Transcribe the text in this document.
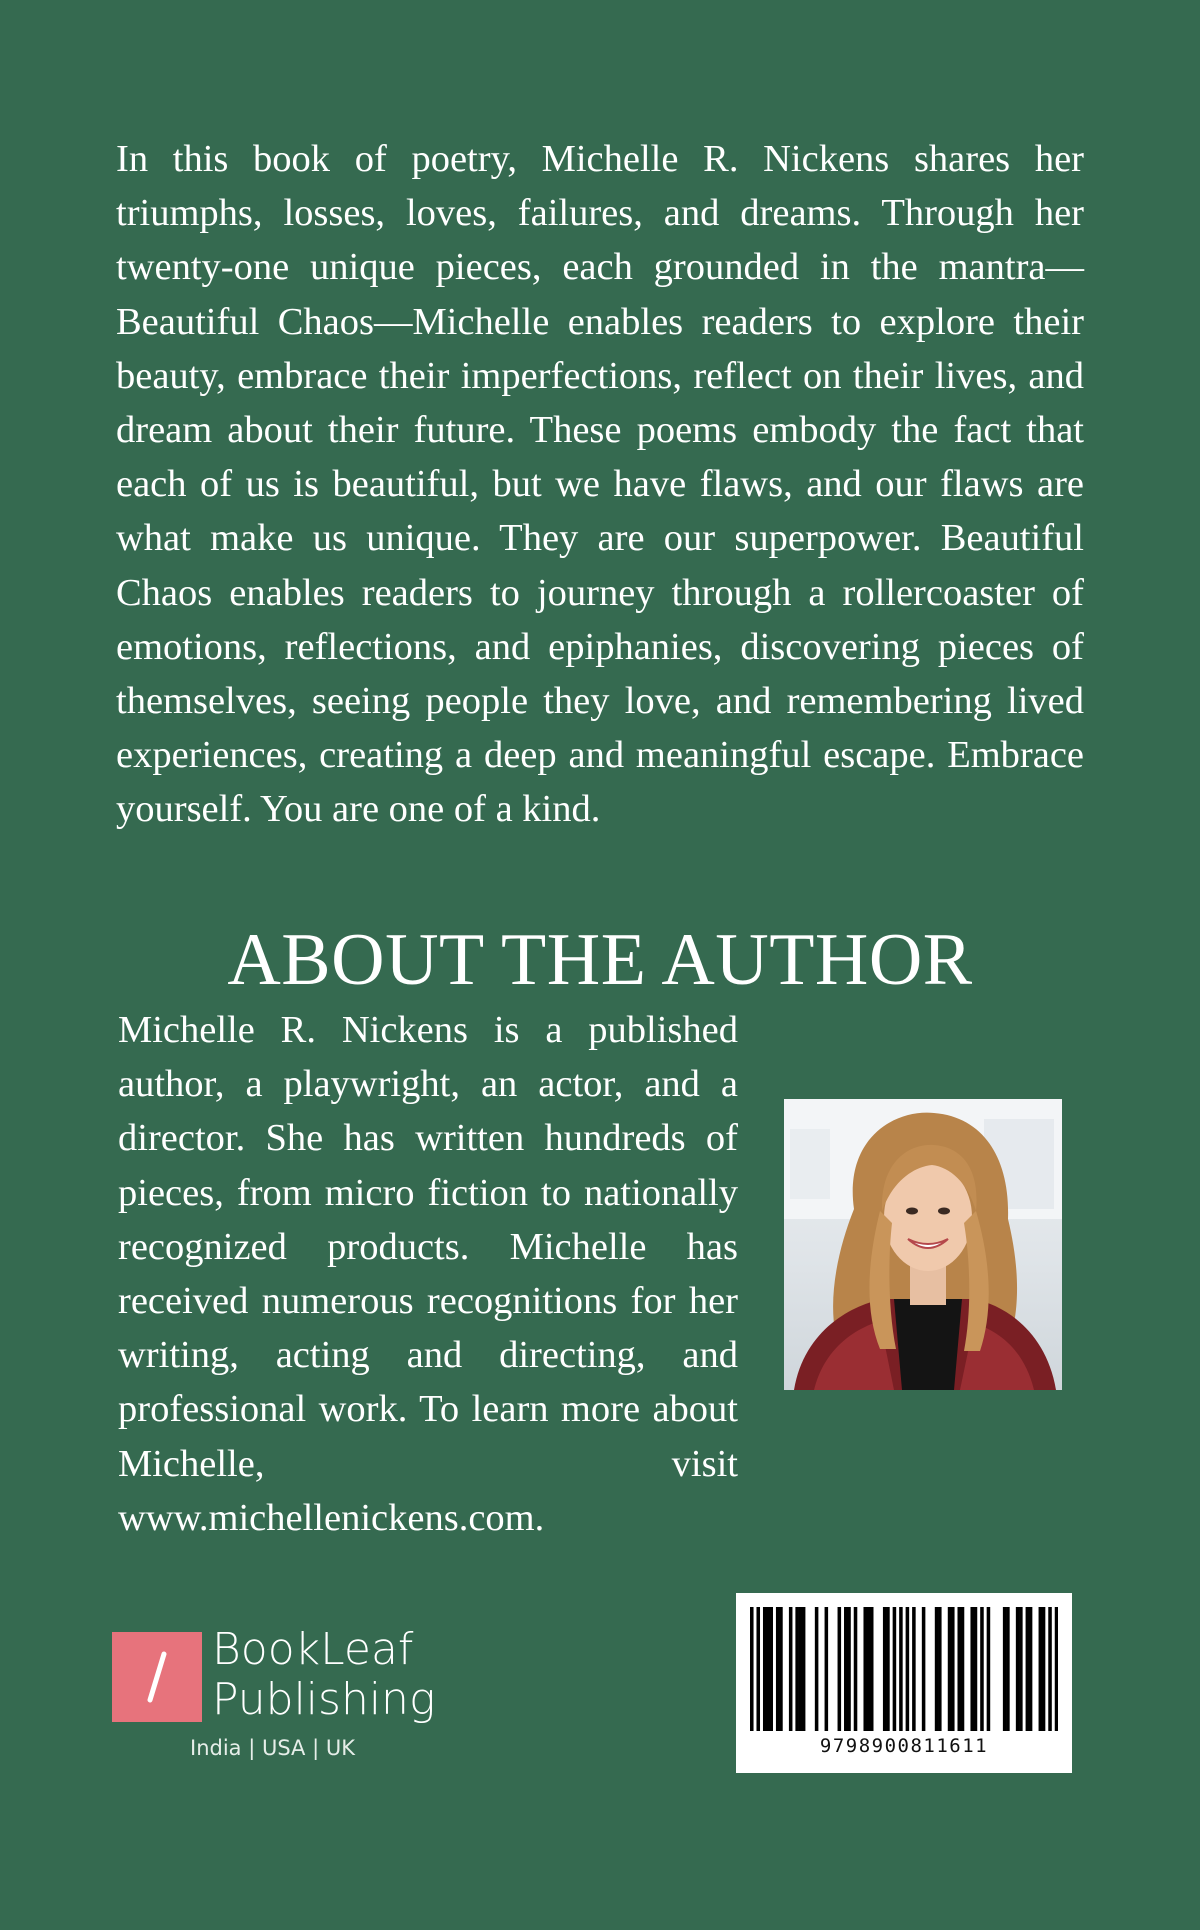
In this book of poetry, Michelle R. Nickens shares her triumphs, losses, loves, failures, and dreams. Through her twenty-one unique pieces, each grounded in the mantra—Beautiful Chaos—Michelle enables readers to explore their beauty, embrace their imperfections, reflect on their lives, and dream about their future. These poems embody the fact that each of us is beautiful, but we have flaws, and our flaws are what make us unique. They are our superpower. Beautiful Chaos enables readers to journey through a rollercoaster of emotions, reflections, and epiphanies, discovering pieces of themselves, seeing people they love, and remembering lived experiences, creating a deep and meaningful escape. Embrace yourself. You are one of a kind.

ABOUT THE AUTHOR

Michelle R. Nickens is a published author, a playwright, an actor, and a director. She has written hundreds of pieces, from micro fiction to nationally recognized products. Michelle has received numerous recognitions for her writing, acting and directing, and professional work. To learn more about Michelle, visit www.michellenickens.com.

BookLeaf
Publishing
India | USA | UK	9798900811611
